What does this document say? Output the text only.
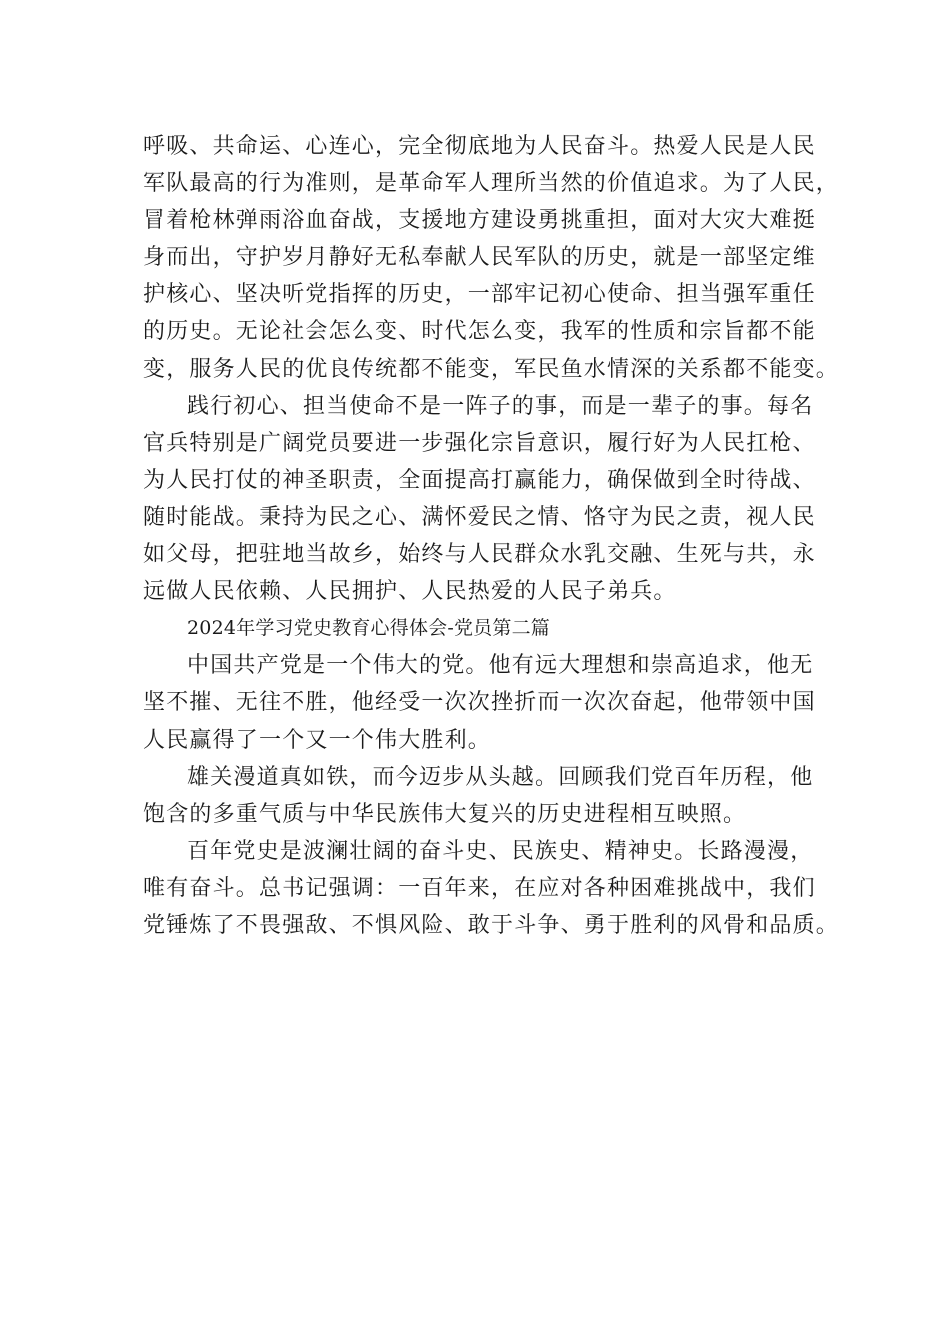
呼吸、共命运、心连心，完全彻底地为人民奋斗。热爱人民是人民
军队最高的行为准则，是革命军人理所当然的价值追求。为了人民，
冒着枪林弹雨浴血奋战，支援地方建设勇挑重担，面对大灾大难挺
身而出，守护岁月静好无私奉献人民军队的历史，就是一部坚定维
护核心、坚决听党指挥的历史，一部牢记初心使命、担当强军重任
的历史。无论社会怎么变、时代怎么变，我军的性质和宗旨都不能
变，服务人民的优良传统都不能变，军民鱼水情深的关系都不能变。
践行初心、担当使命不是一阵子的事，而是一辈子的事。每名
官兵特别是广阔党员要进一步强化宗旨意识，履行好为人民扛枪、
为人民打仗的神圣职责，全面提高打赢能力，确保做到全时待战、
随时能战。秉持为民之心、满怀爱民之情、恪守为民之责，视人民
如父母，把驻地当故乡，始终与人民群众水乳交融、生死与共，永
远做人民依赖、人民拥护、人民热爱的人民子弟兵。
2024年学习党史教育心得体会-党员第二篇
中国共产党是一个伟大的党。他有远大理想和崇高追求，他无
坚不摧、无往不胜，他经受一次次挫折而一次次奋起，他带领中国
人民赢得了一个又一个伟大胜利。
雄关漫道真如铁，而今迈步从头越。回顾我们党百年历程，他
饱含的多重气质与中华民族伟大复兴的历史进程相互映照。
百年党史是波澜壮阔的奋斗史、民族史、精神史。长路漫漫，
唯有奋斗。总书记强调：一百年来，在应对各种困难挑战中，我们
党锤炼了不畏强敌、不惧风险、敢于斗争、勇于胜利的风骨和品质。
